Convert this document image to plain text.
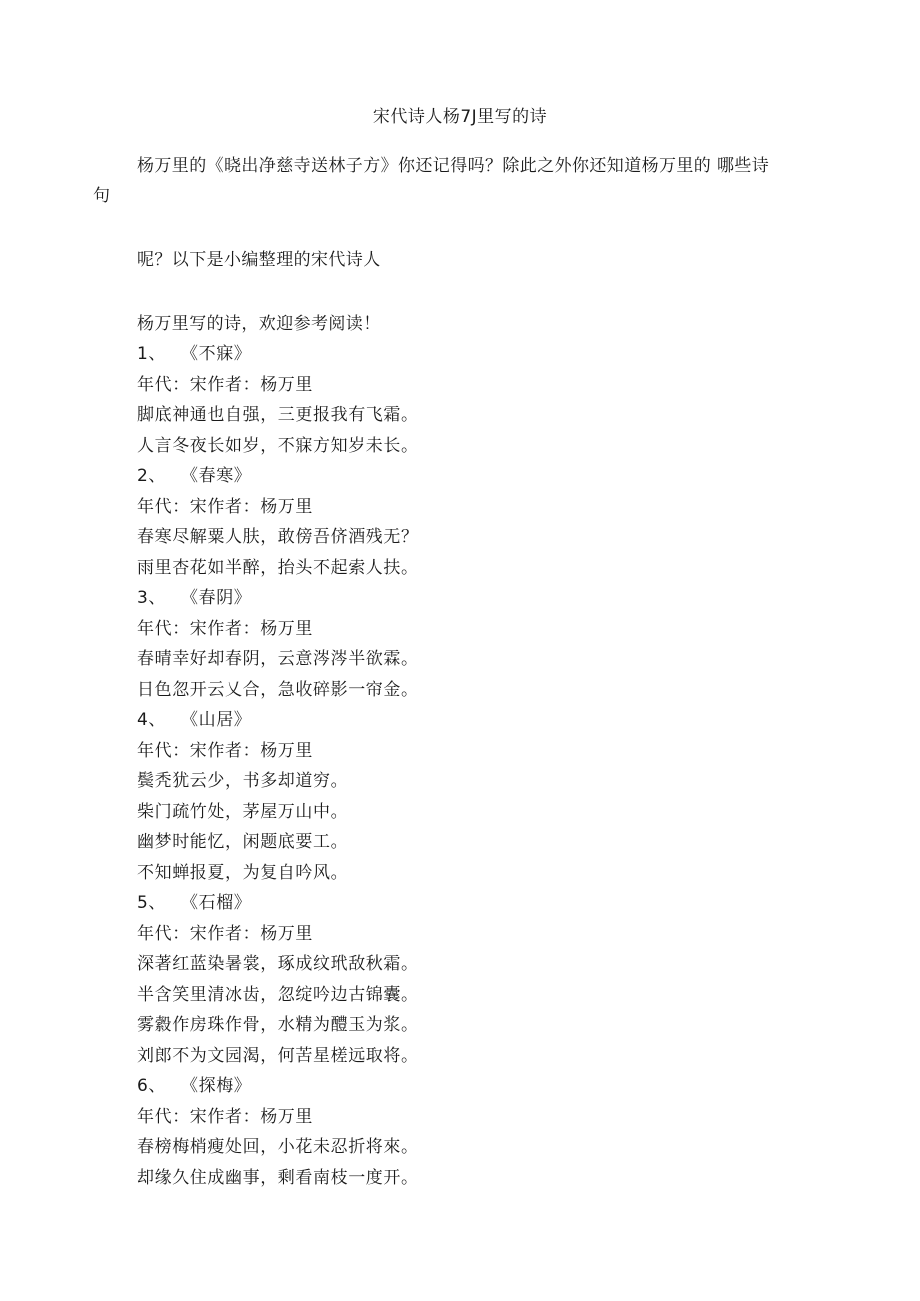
宋代诗人杨7J里写的诗
杨万里的《晓出净慈寺送林子方》你还记得吗？除此之外你还知道杨万里的 哪些诗
句
呢？以下是小编整理的宋代诗人
杨万里写的诗，欢迎参考阅读！
1、 《不寐》
年代：宋作者：杨万里
脚底神通也自强，三更报我有飞霜。
人言冬夜长如岁，不寐方知岁未长。
2、 《春寒》
年代：宋作者：杨万里
春寒尽解粟人肤，敢傍吾侪酒残无？
雨里杏花如半醉，抬头不起索人扶。
3、 《春阴》
年代：宋作者：杨万里
春晴幸好却春阴，云意涔涔半欲霖。
日色忽开云乂合，急收碎影一帘金。
4、 《山居》
年代：宋作者：杨万里
鬓秃犹云少，书多却道穷。
柴门疏竹处，茅屋万山中。
幽梦时能忆，闲题底要工。
不知蝉报夏，为复自吟风。
5、 《石榴》
年代：宋作者：杨万里
深著红蓝染暑裳，琢成纹玳敌秋霜。
半含笑里清冰齿，忽绽吟边古锦囊。
雾縠作房珠作骨，水精为醴玉为浆。
刘郎不为文园渴，何苦星槎远取将。
6、 《探梅》
年代：宋作者：杨万里
春榜梅梢瘦处回，小花未忍折将來。
却缘久住成幽事，剩看南枝一度开。
